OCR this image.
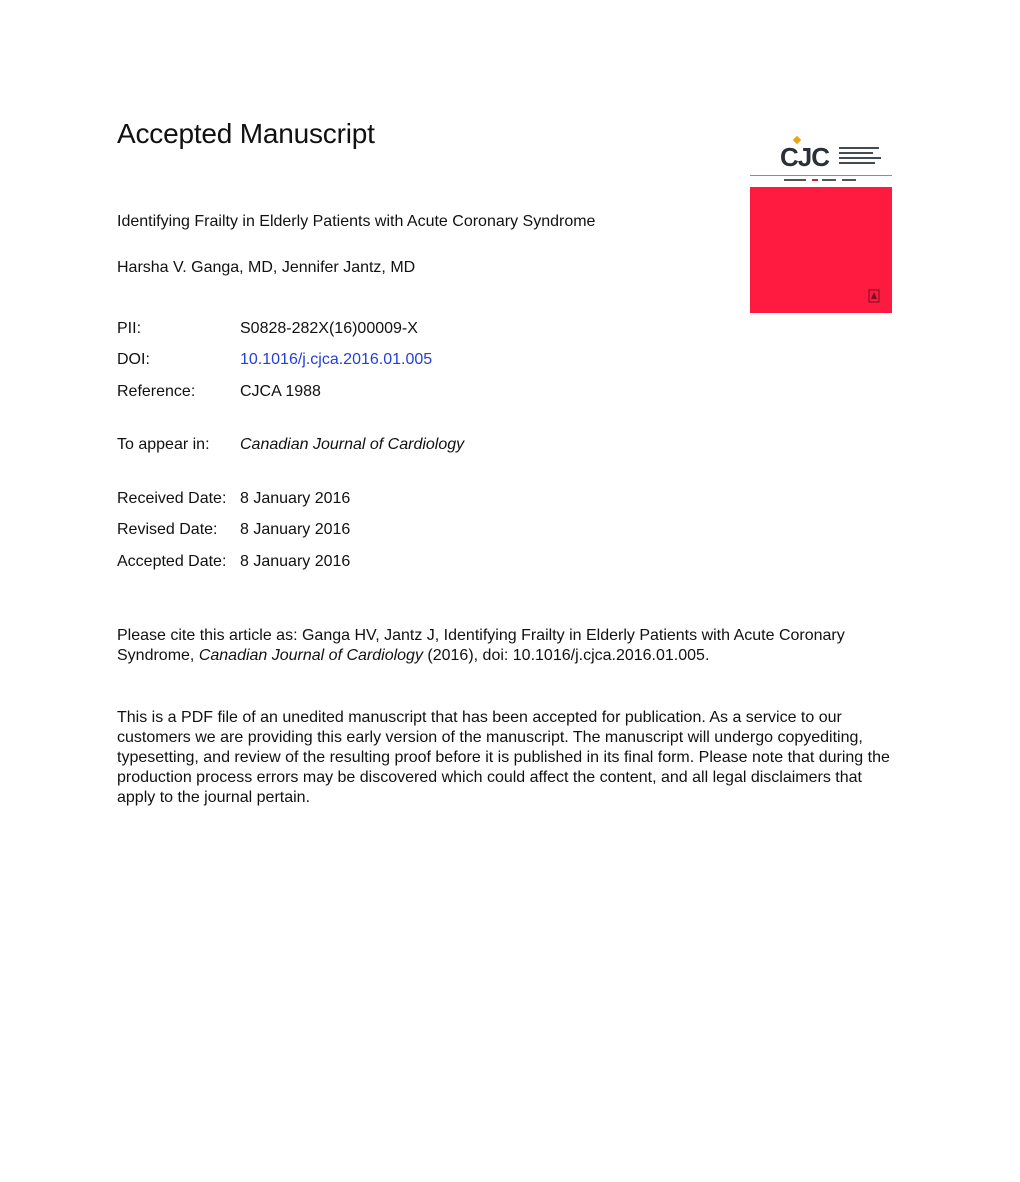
Accepted Manuscript
Identifying Frailty in Elderly Patients with Acute Coronary Syndrome
Harsha V. Ganga, MD, Jennifer Jantz, MD
PII:	S0828-282X(16)00009-X
DOI:	10.1016/j.cjca.2016.01.005
Reference:	CJCA 1988
To appear in: Canadian Journal of Cardiology
Received Date: 8 January 2016
Revised Date: 8 January 2016
Accepted Date: 8 January 2016

Please cite this article as: Ganga HV, Jantz J, Identifying Frailty in Elderly Patients with Acute Coronary Syndrome, Canadian Journal of Cardiology (2016), doi: 10.1016/j.cjca.2016.01.005.

This is a PDF file of an unedited manuscript that has been accepted for publication. As a service to our customers we are providing this early version of the manuscript. The manuscript will undergo copyediting, typesetting, and review of the resulting proof before it is published in its final form. Please note that during the production process errors may be discovered which could affect the content, and all legal disclaimers that apply to the journal pertain.

CJC
